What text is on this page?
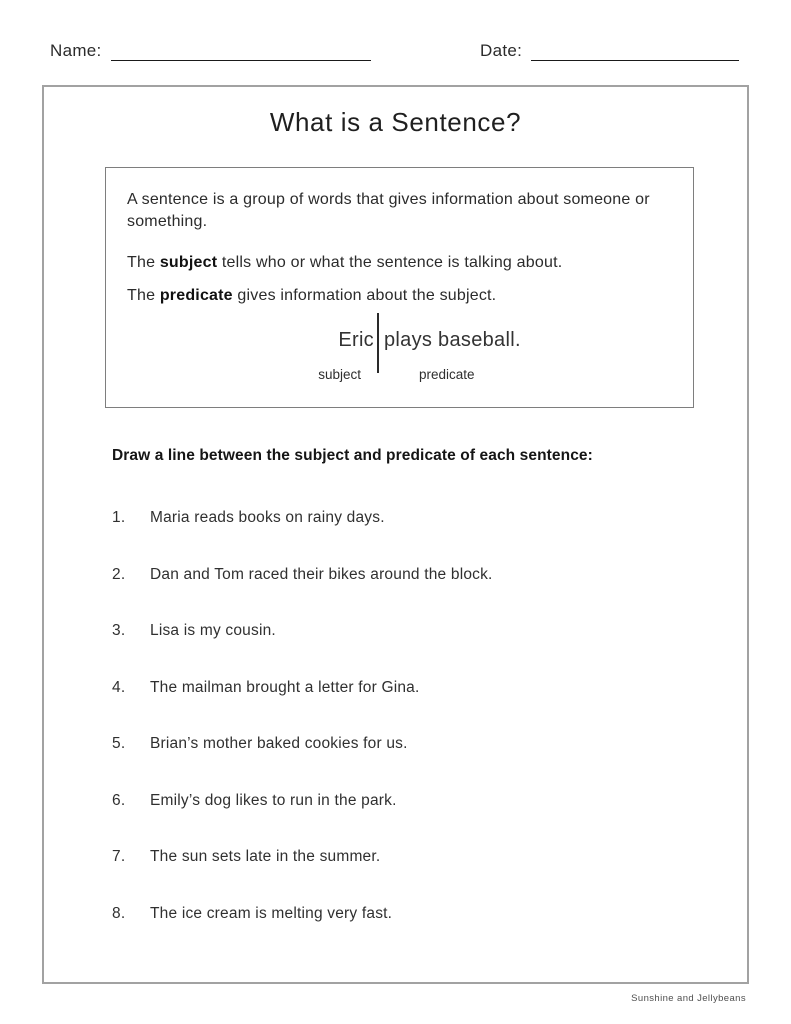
Name:	Date:
What is a Sentence?

A sentence is a group of words that gives information about someone or something.

The subject tells who or what the sentence is talking about.

The predicate gives information about the subject.

Eric plays baseball.
subject	predicate

Draw a line between the subject and predicate of each sentence:

1.	Maria reads books on rainy days.
2.	Dan and Tom raced their bikes around the block.
3.	Lisa is my cousin.
4.	The mailman brought a letter for Gina.
5.	Brian’s mother baked cookies for us.
6.	Emily’s dog likes to run in the park.
7.	The sun sets late in the summer.
8.	The ice cream is melting very fast.
Sunshine and Jellybeans
